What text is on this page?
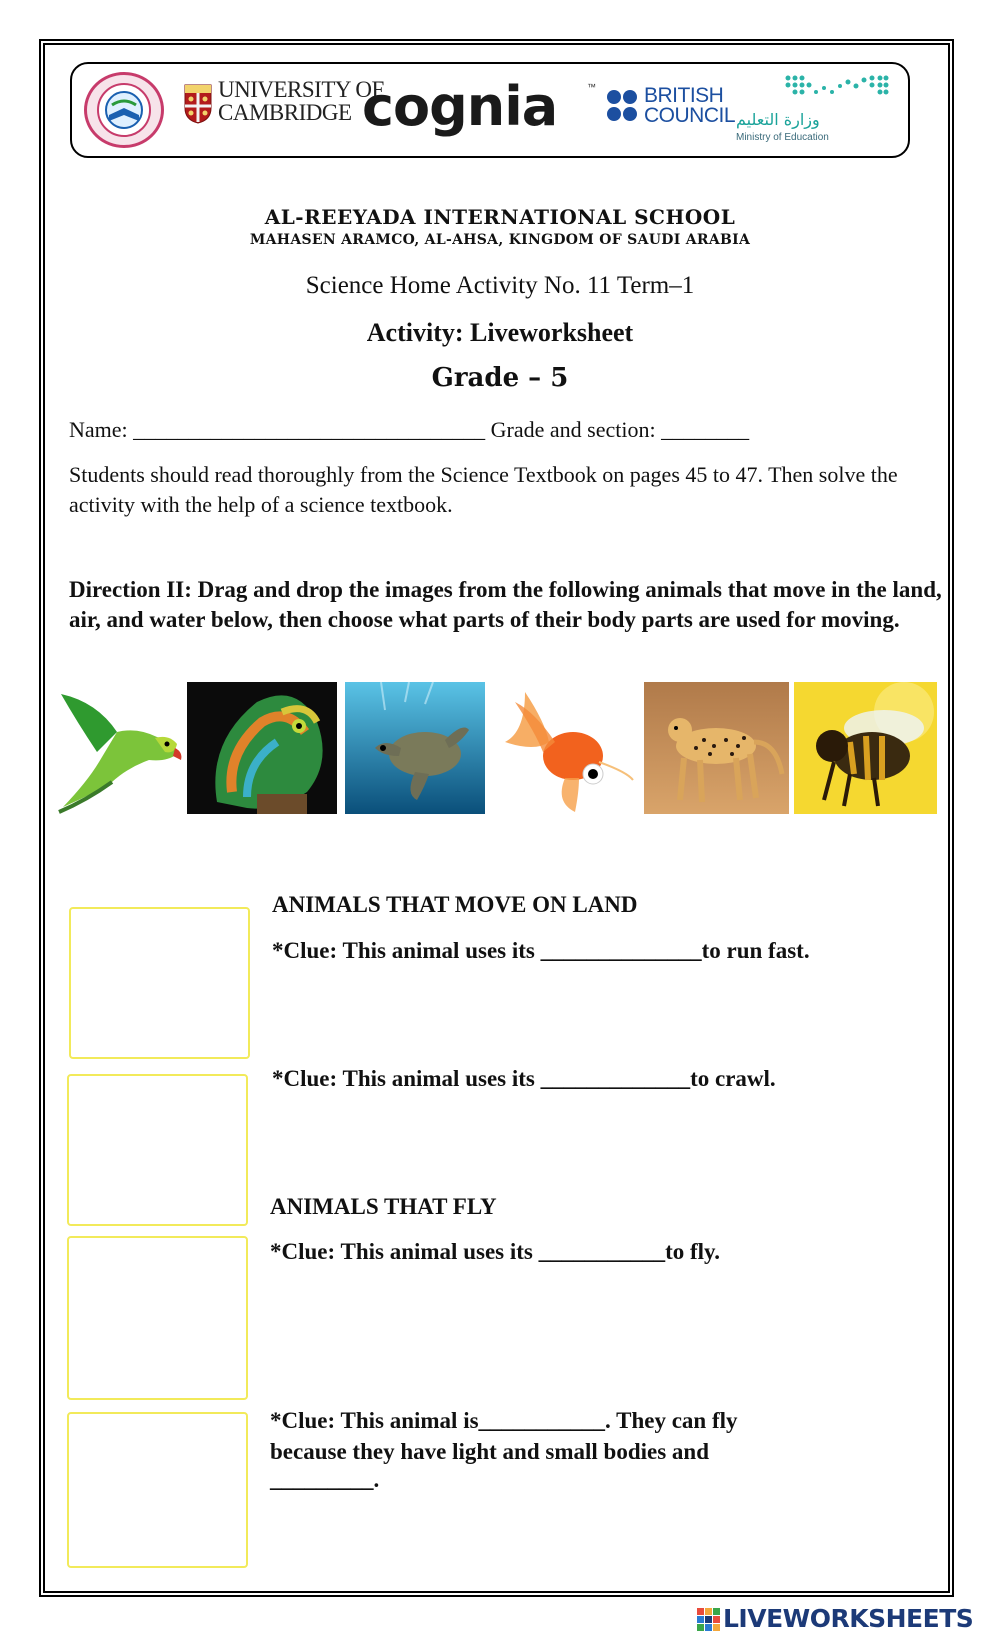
UNIVERSITY OF
CAMBRIDGE cognia	™ BRITISH
COUNCIL وزارة التعليم
Ministry of Education
AL-REEYADA INTERNATIONAL SCHOOL
MAHASEN ARAMCO, AL-AHSA, KINGDOM OF SAUDI ARABIA
Science Home Activity No. 11 Term–1
Activity: Liveworksheet
Grade – 5
Name: ________________________________ Grade and section: ________
Students should read thoroughly from the Science Textbook on pages 45 to 47. Then solve the activity with the help of a science textbook.
Direction II: Drag and drop the images from the following animals that move in the land, air, and water below, then choose what parts of their body parts are used for moving.
ANIMALS THAT MOVE ON LAND
*Clue: This animal uses its ______________to run fast.
*Clue: This animal uses its _____________to crawl.
ANIMALS THAT FLY
*Clue: This animal uses its ___________to fly.
*Clue: This animal is___________. They can fly
because they have light and small bodies and
_________.
LIVEWORKSHEETS
